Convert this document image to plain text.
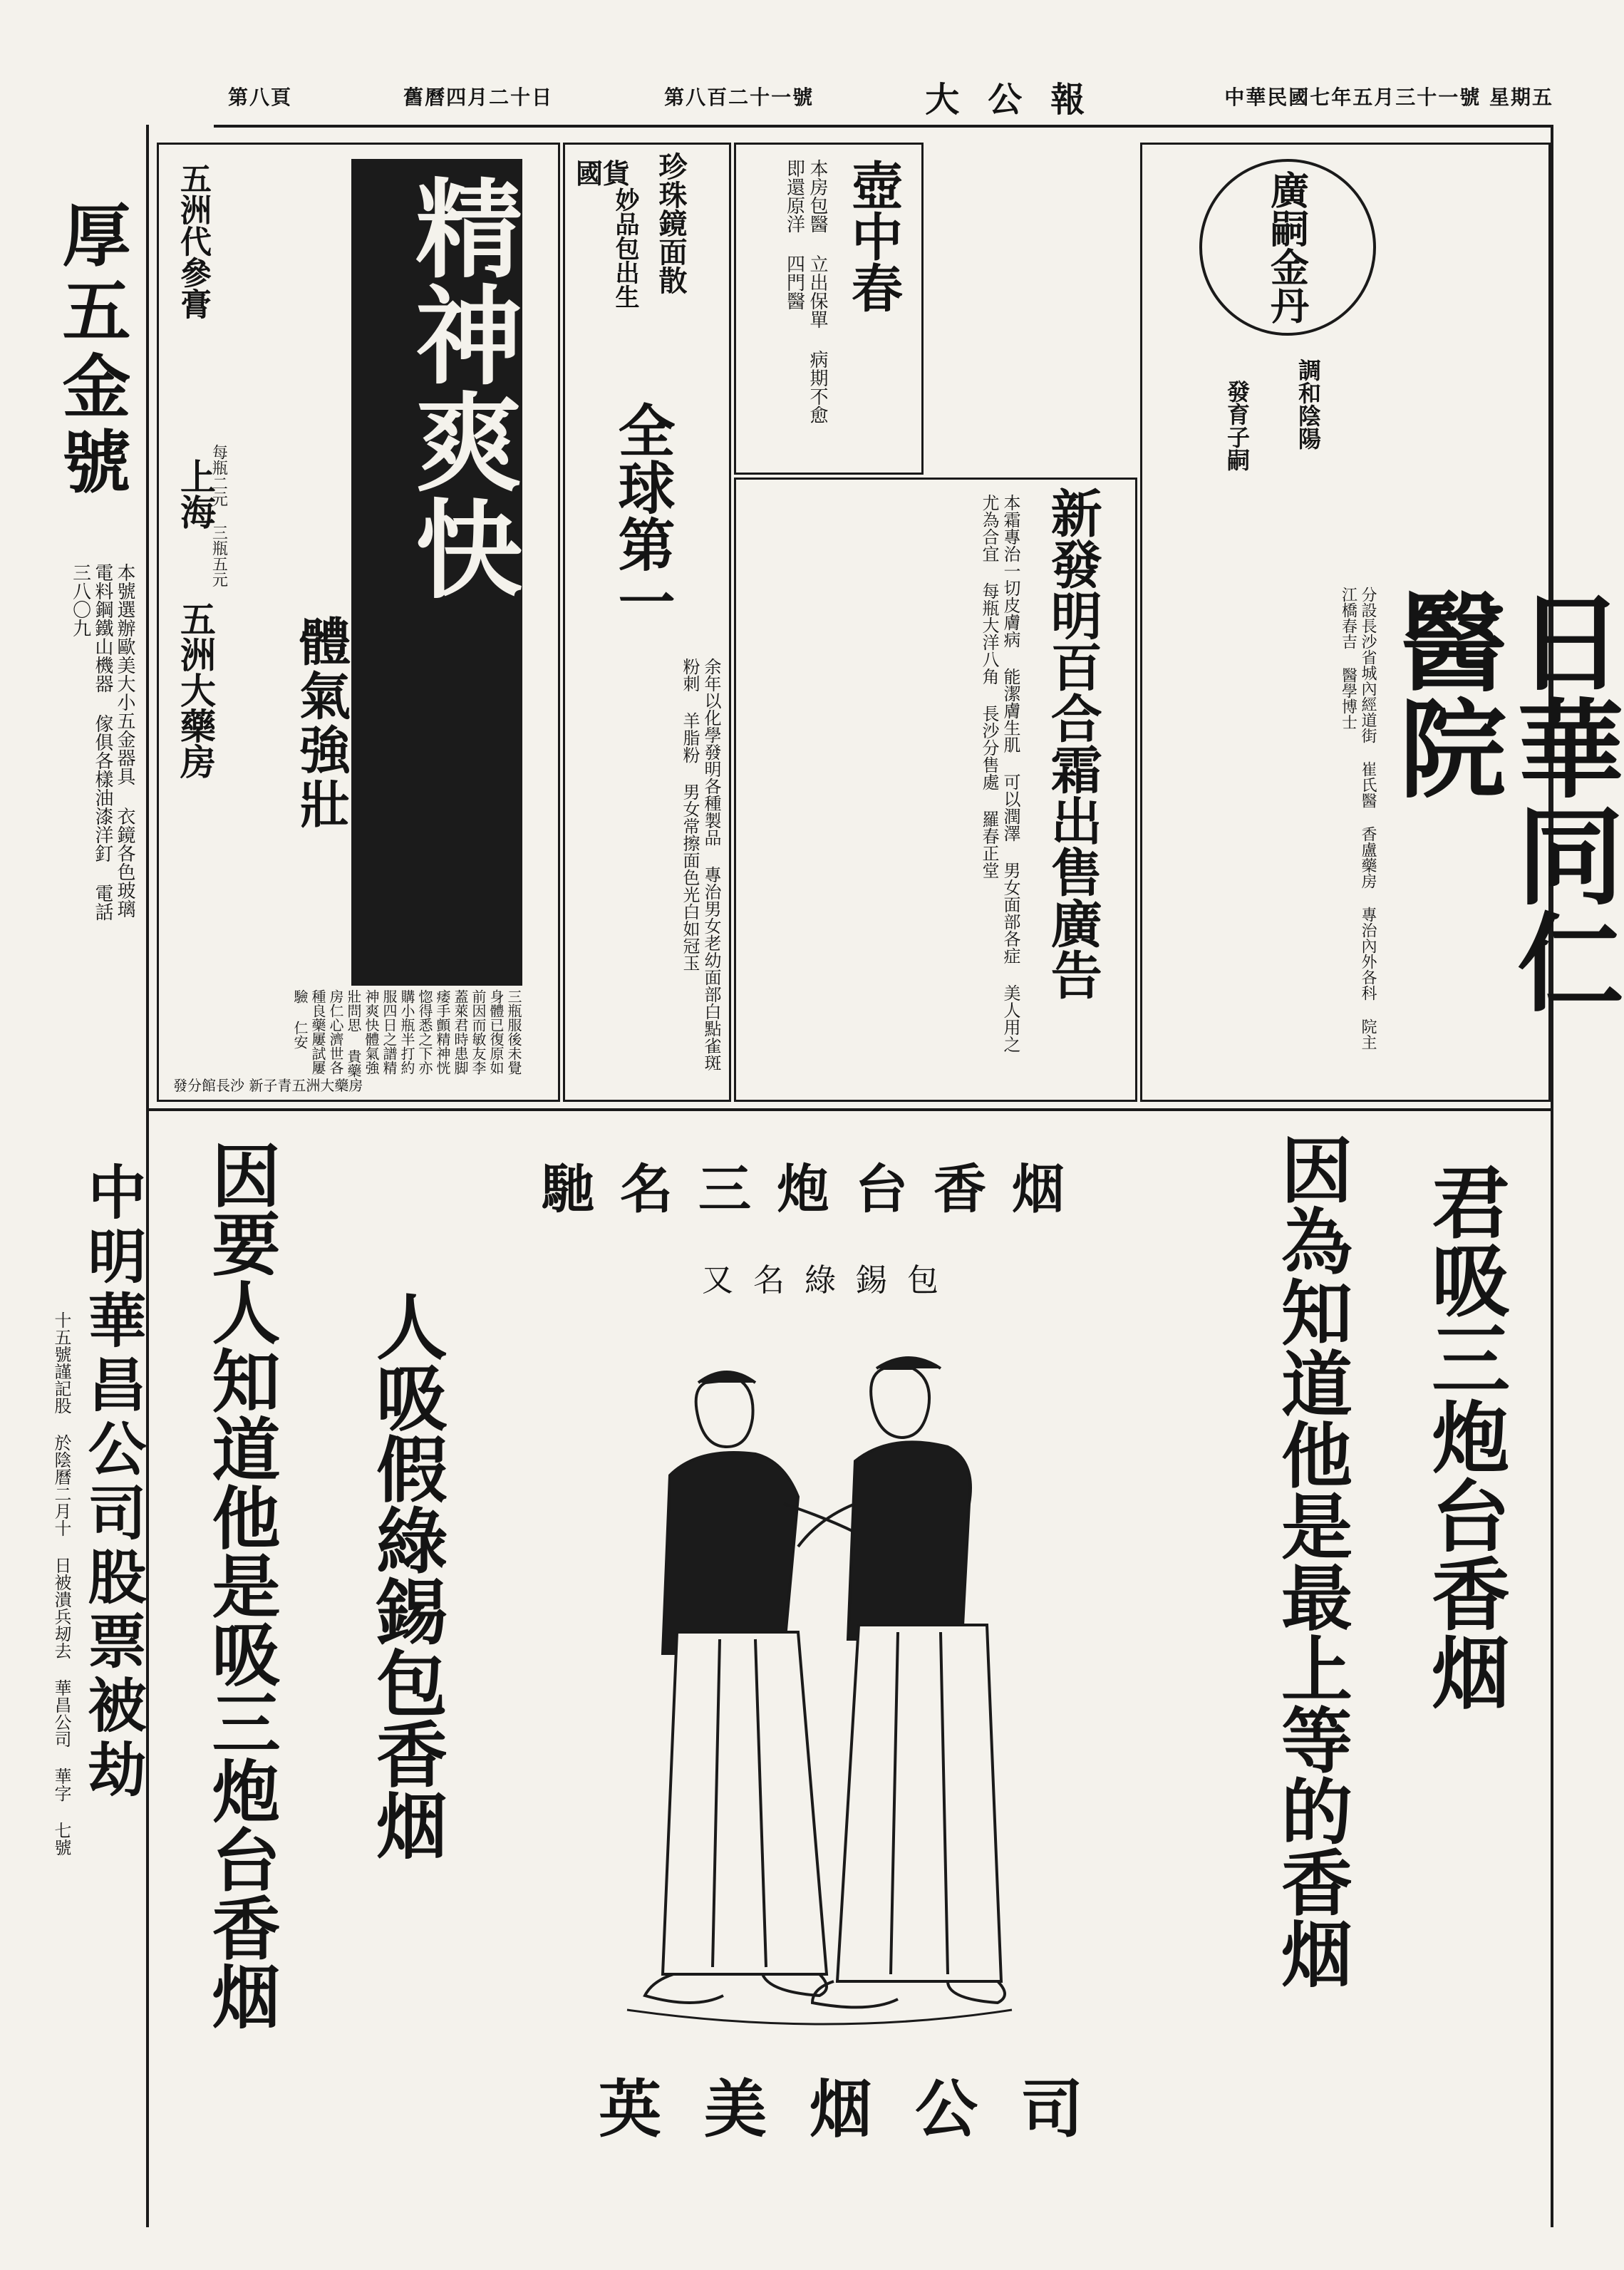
第八頁	舊曆四月二十日	第八百二十一號	大公報	中華民國七年五月三十一號 星期五
厚五金號
本號選辦歐美大小五金器具 衣鏡各色玻璃電料鋼鐵山機器 傢俱各樣油漆洋釘 電話三八〇九
中明華昌公司股票被劫
十五號謹記股 於陰曆二月十 日被潰兵刼去 華昌公司 華字 七號
精神爽快
體氣強壯
五洲代參膏
每瓶二元 三瓶五元
上海
五洲大藥房
三瓶服後未覺身體已復原如前因而敏友李蓋萊君時患脚痿手顫精神恍惚得悉之下亦購小瓶半打約服四日之譜精神爽快體氣強壯問思 貴藥房仁心濟世各種良藥屢試屢驗 仁安
發分館長沙 新子青五洲大藥房
國貨 珍珠鏡面散
妙品包出生
全球第一
余年以化學發明各種製品 專治男女老幼面部白點雀斑粉刺 羊脂粉 男女常擦面色光白如冠玉
壺中春
本房包醫 立出保單 病期不愈 即還原洋 四門醫
新發明百合霜出售廣告
本霜專治一切皮膚病 能潔膚生肌 可以潤澤 男女面部各症 美人用之 尤為合宜 每瓶大洋八角 長沙分售處 羅春正堂
廣嗣金丹
調和陰陽
發育子嗣
日華同仁醫院
分設長沙省城內經道街 崔氏醫 香盧藥房 專治內外各科 院主 江橋春吉 醫學博士
馳名三炮台香烟
又名綠錫包	君吸三炮台香烟
因為知道他是最上等的香烟
人吸假綠錫包香烟
因要人知道他是吸三炮台香烟
英美烟公司
